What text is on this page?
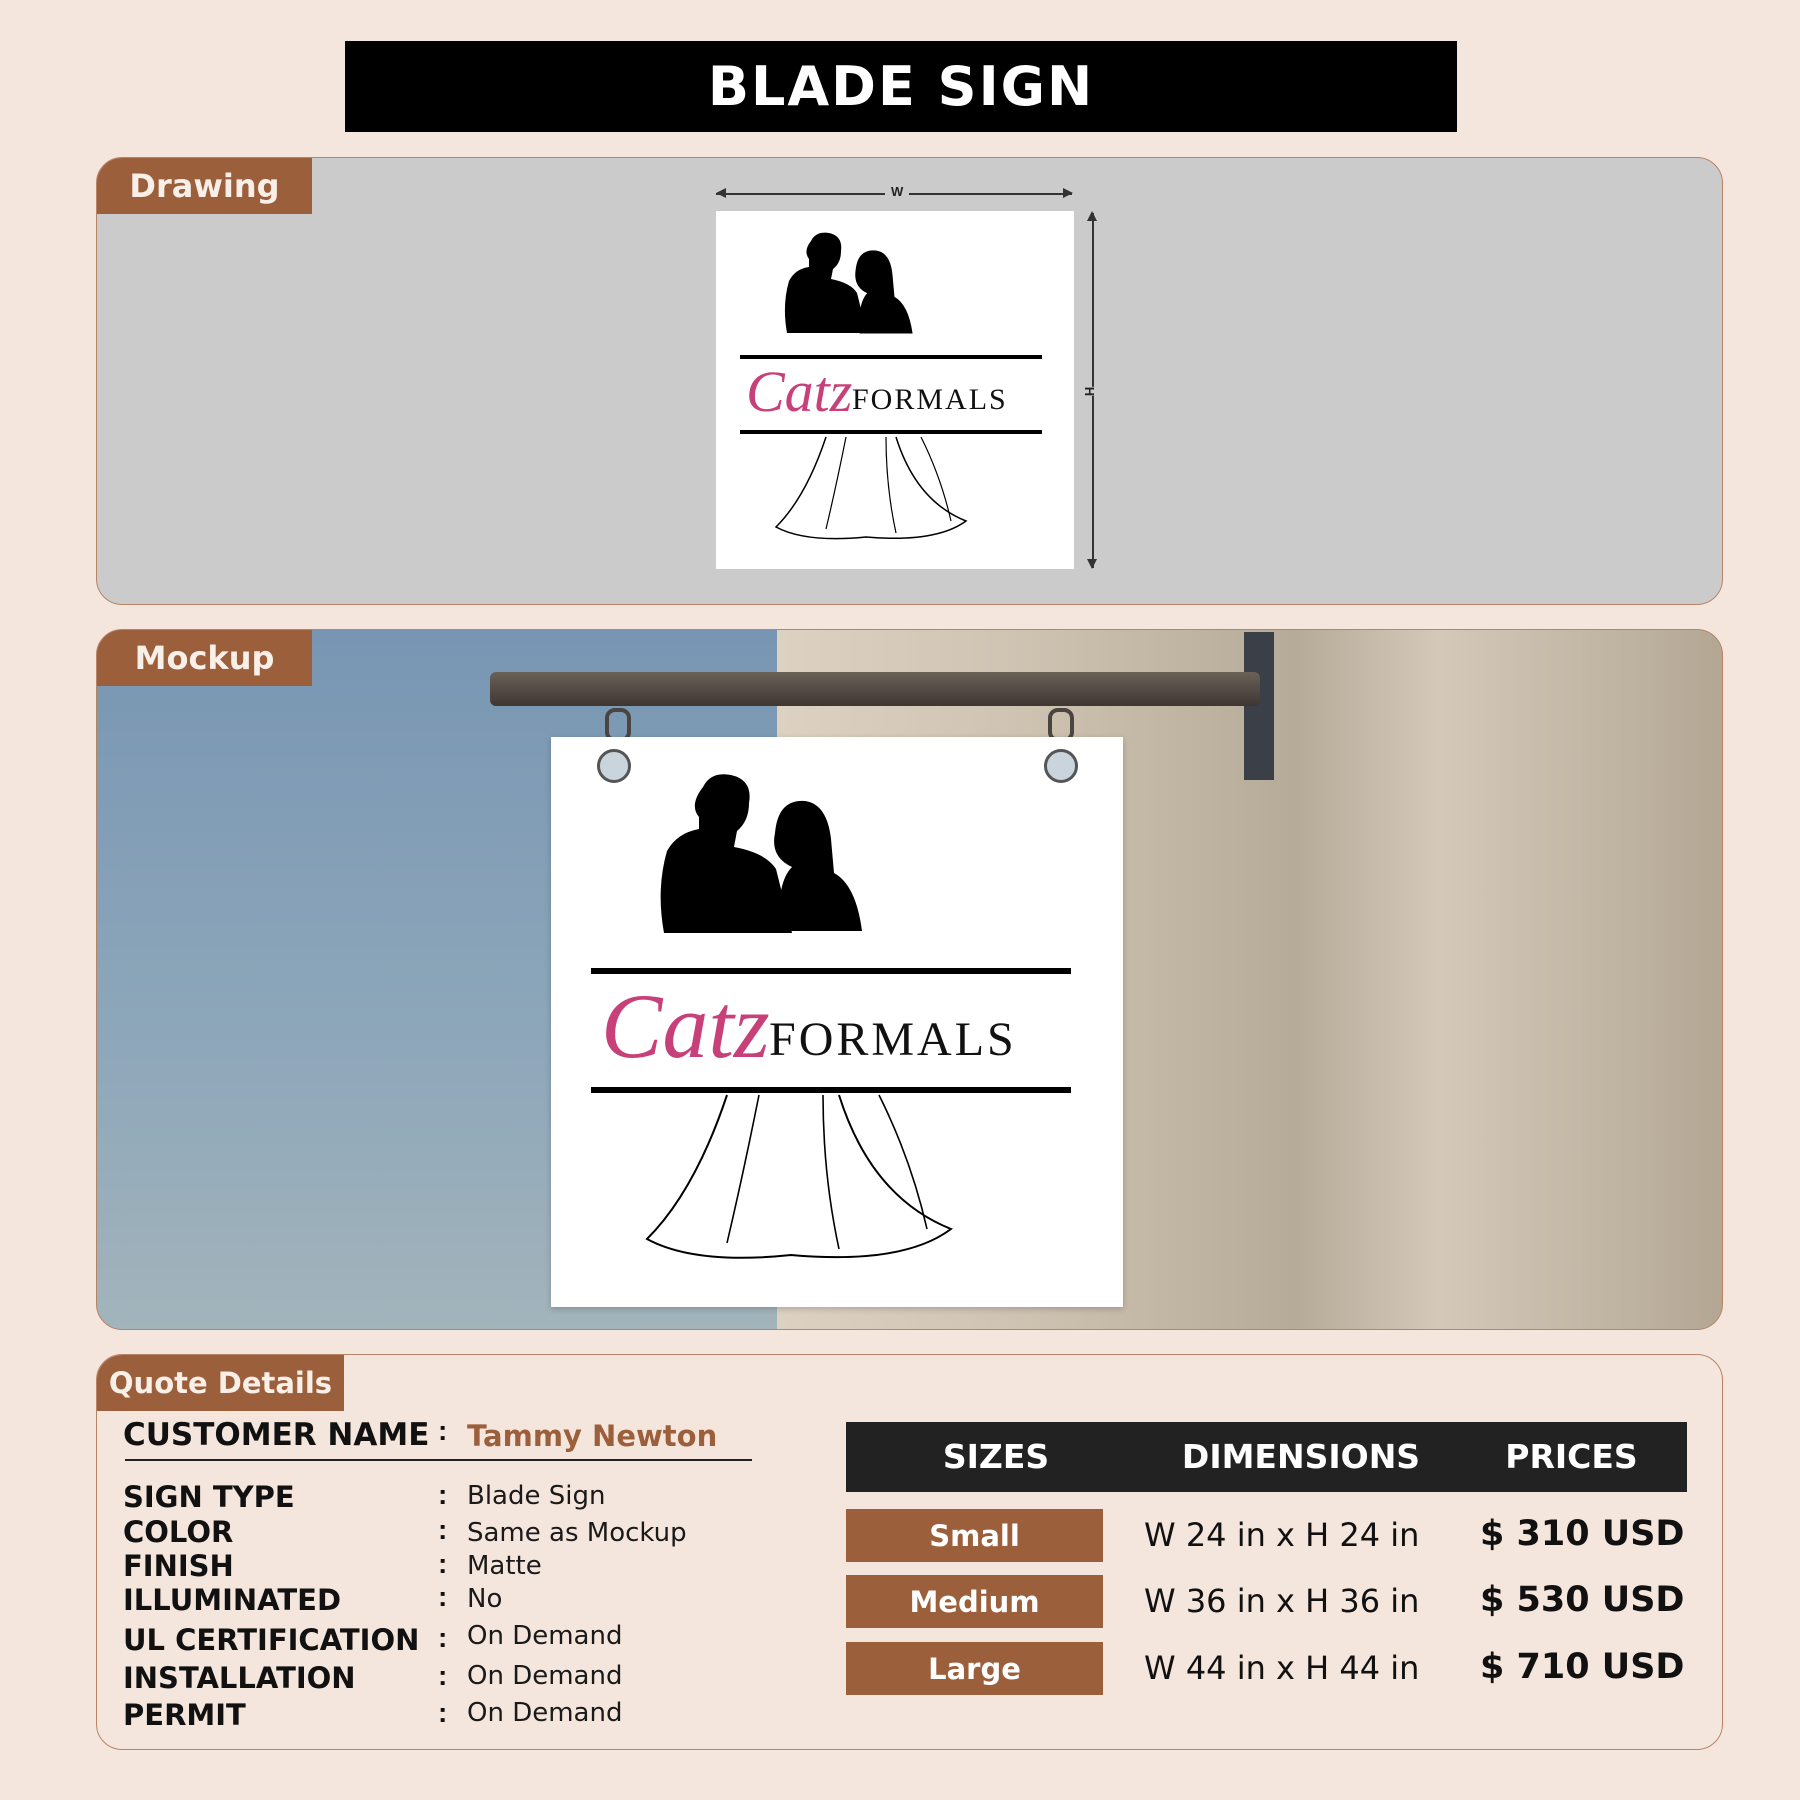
BLADE SIGN
Drawing	W
H
Catz FORMALS
Mockup
Catz FORMALS
Quote Details
CUSTOMER NAME : Tammy Newton
SIGN TYPE	: Blade Sign
COLOR	: Same as Mockup
FINISH	: Matte
ILLUMINATED	: No
UL CERTIFICATION : On Demand
INSTALLATION	: On Demand
PERMIT	: On Demand
SIZES	DIMENSIONS	PRICES
Small	W 24 in x H 24 in $ 310 USD
Medium	W 36 in x H 36 in $ 530 USD
Large	W 44 in x H 44 in $ 710 USD
